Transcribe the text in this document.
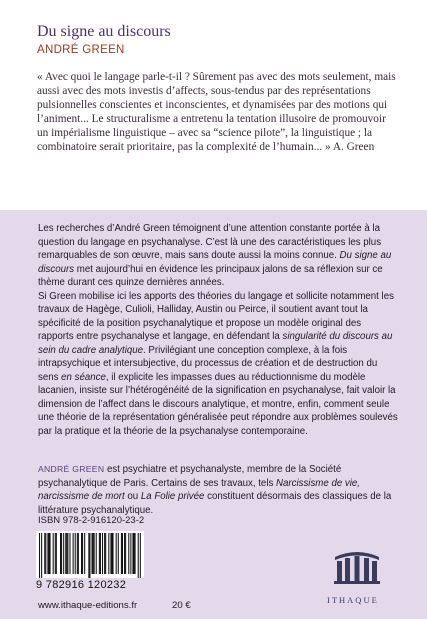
Du signe au discours

ANDRÉ GREEN

« Avec quoi le langage parle-t-il ? Sûrement pas avec des mots seulement, mais aussi avec des mots investis d’affects, sous-tendus par des représentations pulsionnelles conscientes et inconscientes, et dynamisées par des motions qui l’animent... Le structuralisme a entretenu la tentation illusoire de promouvoir un impérialisme linguistique – avec sa “science pilote”, la linguistique ; la combinatoire serait prioritaire, pas la complexité de l’humain... » A. Green

Les recherches d’André Green témoignent d’une attention constante portée à la question du langage en psychanalyse. C’est là une des caractéristiques les plus remarquables de son œuvre, mais sans doute aussi la moins connue. Du signe au discours met aujourd’hui en évidence les principaux jalons de sa réflexion sur ce thème durant ces quinze dernières années.

Si Green mobilise ici les apports des théories du langage et sollicite notamment les travaux de Hagège, Culioli, Halliday, Austin ou Peirce, il soutient avant tout la spécificité de la position psychanalytique et propose un modèle original des rapports entre psychanalyse et langage, en défendant la singularité du discours au sein du cadre analytique. Privilégiant une conception complexe, à la fois intrapsychique et intersubjective, du processus de création et de destruction du sens en séance, il explicite les impasses dues au réductionnisme du modèle lacanien, insiste sur l’hétérogénéité de la signification en psychanalyse, fait valoir la dimension de l’affect dans le discours analytique, et montre, enfin, comment seule une théorie de la représentation généralisée peut répondre aux problèmes soulevés par la pratique et la théorie de la psychanalyse contemporaine.

ANDRÉ GREEN est psychiatre et psychanalyste, membre de la Société psychanalytique de Paris. Certains de ses travaux, tels Narcissisme de vie, narcissisme de mort ou La Folie privée constituent désormais des classiques de la littérature psychanalytique.

ISBN 978-2-916120-23-2

9 782916 120232

www.ithaque-editions.fr	20 €	ITHAQUE
